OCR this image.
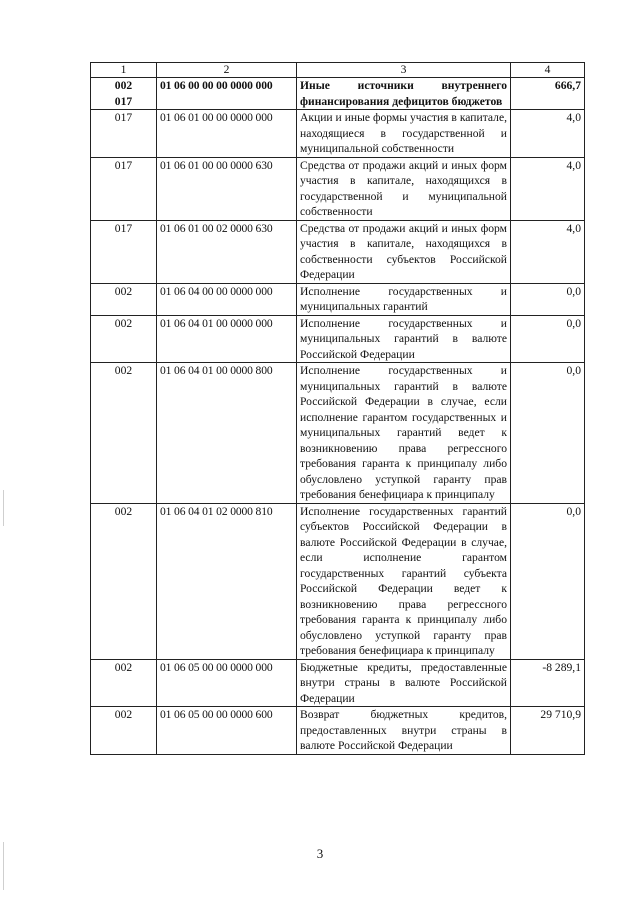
1	2	3	4

002
017	01 06 00 00 00 0000 000	Иные источники внутреннего финансирования дефицитов бюджетов	666,7

017	01 06 01 00 00 0000 000	Акции и иные формы участия в капитале, находящиеся в государственной и муниципальной собственности	4,0

017	01 06 01 00 00 0000 630	Средства от продажи акций и иных форм участия в капитале, находящихся в государственной и муниципальной собственности	4,0

017	01 06 01 00 02 0000 630	Средства от продажи акций и иных форм участия в капитале, находящихся в собственности субъектов Российской Федерации	4,0

002	01 06 04 00 00 0000 000	Исполнение государственных и муниципальных гарантий	0,0

002	01 06 04 01 00 0000 000	Исполнение государственных и муниципальных гарантий в валюте Российской Федерации	0,0

002	01 06 04 01 00 0000 800	Исполнение государственных и муниципальных гарантий в валюте Российской Федерации в случае, если исполнение гарантом государственных и муниципальных гарантий ведет к возникновению права регрессного требования гаранта к принципалу либо обусловлено уступкой гаранту прав требования бенефициара к принципалу	0,0

002	01 06 04 01 02 0000 810	Исполнение государственных гарантий субъектов Российской Федерации в валюте Российской Федерации в случае, если исполнение гарантом государственных гарантий субъекта Российской Федерации ведет к возникновению права регрессного требования гаранта к принципалу либо обусловлено уступкой гаранту прав требования бенефициара к принципалу	0,0

002	01 06 05 00 00 0000 000	Бюджетные кредиты, предоставленные внутри страны в валюте Российской Федерации	-8 289,1

002	01 06 05 00 00 0000 600	Возврат бюджетных кредитов, предоставленных внутри страны в валюте Российской Федерации	29 710,9
3
